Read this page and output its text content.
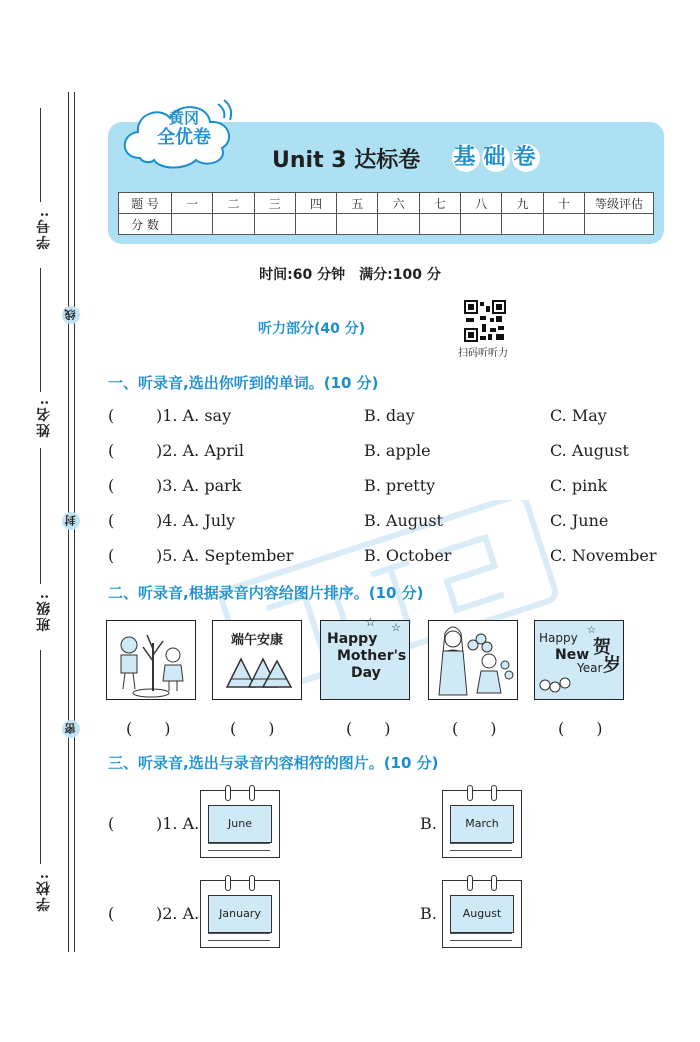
学号:
姓名:
班级:
学校:
线
封
密
黄冈
全优卷
Unit 3 达标卷	基 础 卷
题 号	一	二	三	四	五	六	七	八	九	十	等级评估
分 数											
时间:60 分钟　满分:100 分
听力部分(40 分)
扫码听听力
一、听录音,选出你听到的单词。(10 分)
(	)1. A. say	B. day	C. May
(	)2. A. April	B. apple	C. August
(	)3. A. park	B. pretty	C. pink
(	)4. A. July	B. August	C. June
(	)5. A. September	B. October	C. November
二、听录音,根据录音内容给图片排序。(10 分)
端午安康	Happy
Mother's
Day
☆ ☆
Happy
New
Year
贺
岁
☆
(　　)	(　　)	(　　)	(　　)	(　　)
三、听录音,选出与录音内容相符的图片。(10 分)
(	)1. A.	B.
June	March
(	)2. A.	B.
January	August
